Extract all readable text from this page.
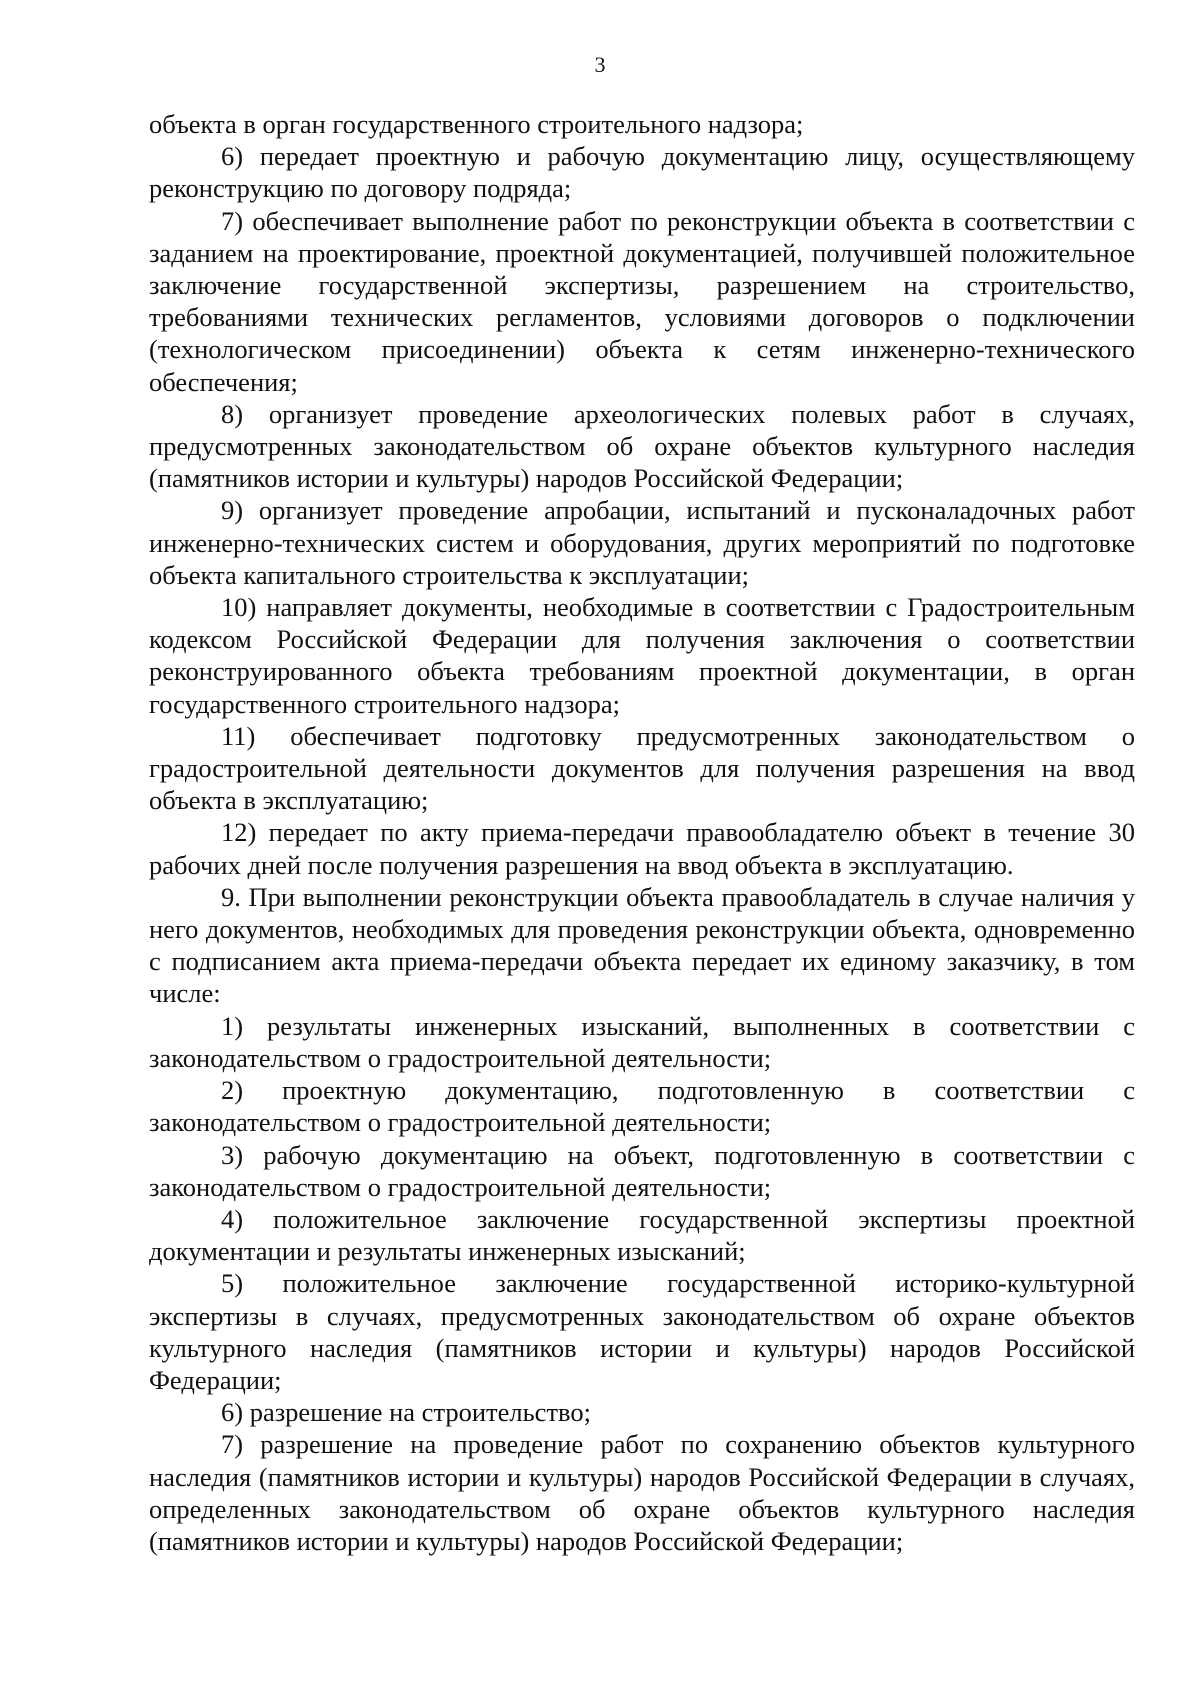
3

объекта в орган государственного строительного надзора;

6) передает проектную и рабочую документацию лицу, осуществляющему реконструкцию по договору подряда;

7) обеспечивает выполнение работ по реконструкции объекта в соответствии с заданием на проектирование, проектной документацией, получившей положительное заключение государственной экспертизы, разрешением на строительство, требованиями технических регламентов, условиями договоров о подключении (технологическом присоединении) объекта к сетям инженерно-технического обеспечения;

8) организует проведение археологических полевых работ в случаях, предусмотренных законодательством об охране объектов культурного наследия (памятников истории и культуры) народов Российской Федерации;

9) организует проведение апробации, испытаний и пусконаладочных работ инженерно-технических систем и оборудования, других мероприятий по подготовке объекта капитального строительства к эксплуатации;

10) направляет документы, необходимые в соответствии с Градостроительным кодексом Российской Федерации для получения заключения о соответствии реконструированного объекта требованиям проектной документации, в орган государственного строительного надзора;

11) обеспечивает подготовку предусмотренных законодательством о градостроительной деятельности документов для получения разрешения на ввод объекта в эксплуатацию;

12) передает по акту приема-передачи правообладателю объект в течение 30 рабочих дней после получения разрешения на ввод объекта в эксплуатацию.

9. При выполнении реконструкции объекта правообладатель в случае наличия у него документов, необходимых для проведения реконструкции объекта, одновременно с подписанием акта приема-передачи объекта передает их единому заказчику, в том числе:

1) результаты инженерных изысканий, выполненных в соответствии с законодательством о градостроительной деятельности;

2) проектную документацию, подготовленную в соответствии с законодательством о градостроительной деятельности;

3) рабочую документацию на объект, подготовленную в соответствии с законодательством о градостроительной деятельности;

4) положительное заключение государственной экспертизы проектной документации и результаты инженерных изысканий;

5) положительное заключение государственной историко-культурной экспертизы в случаях, предусмотренных законодательством об охране объектов культурного наследия (памятников истории и культуры) народов Российской Федерации;

6) разрешение на строительство;

7) разрешение на проведение работ по сохранению объектов культурного наследия (памятников истории и культуры) народов Российской Федерации в случаях, определенных законодательством об охране объектов культурного наследия (памятников истории и культуры) народов Российской Федерации;
